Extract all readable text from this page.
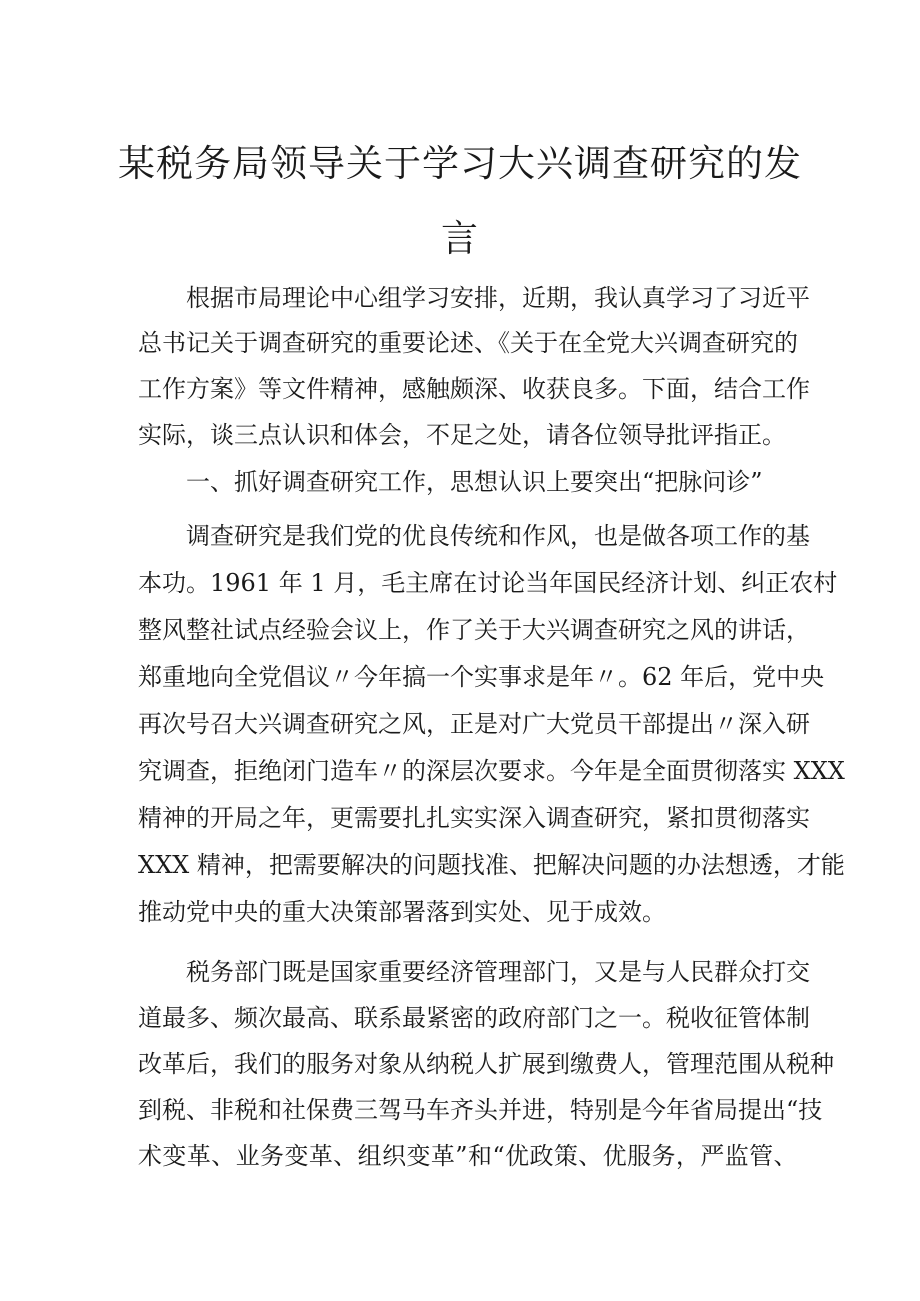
某税务局领导关于学习大兴调查研究的发
言

根据市局理论中心组学习安排，近期，我认真学习了习近平

总书记关于调查研究的重要论述、《关于在全党大兴调查研究的

工作方案》等文件精神，感触颇深、收获良多。下面，结合工作

实际，谈三点认识和体会，不足之处，请各位领导批评指正。

一、抓好调查研究工作，思想认识上要突出“把脉问诊”

调查研究是我们党的优良传统和作风，也是做各项工作的基

本功。1961 年 1 月，毛主席在讨论当年国民经济计划、纠正农村

整风整社试点经验会议上，作了关于大兴调查研究之风的讲话，

郑重地向全党倡议〃今年搞一个实事求是年〃。62 年后，党中央

再次号召大兴调查研究之风，正是对广大党员干部提出〃深入研

究调查，拒绝闭门造车〃的深层次要求。今年是全面贯彻落实 XXX

精神的开局之年，更需要扎扎实实深入调查研究，紧扣贯彻落实

XXX 精神，把需要解决的问题找准、把解决问题的办法想透，才能

推动党中央的重大决策部署落到实处、见于成效。

税务部门既是国家重要经济管理部门，又是与人民群众打交

道最多、频次最高、联系最紧密的政府部门之一。税收征管体制

改革后，我们的服务对象从纳税人扩展到缴费人，管理范围从税种

到税、非税和社保费三驾马车齐头并进，特别是今年省局提出“技

术变革、业务变革、组织变革”和“优政策、优服务，严监管、
